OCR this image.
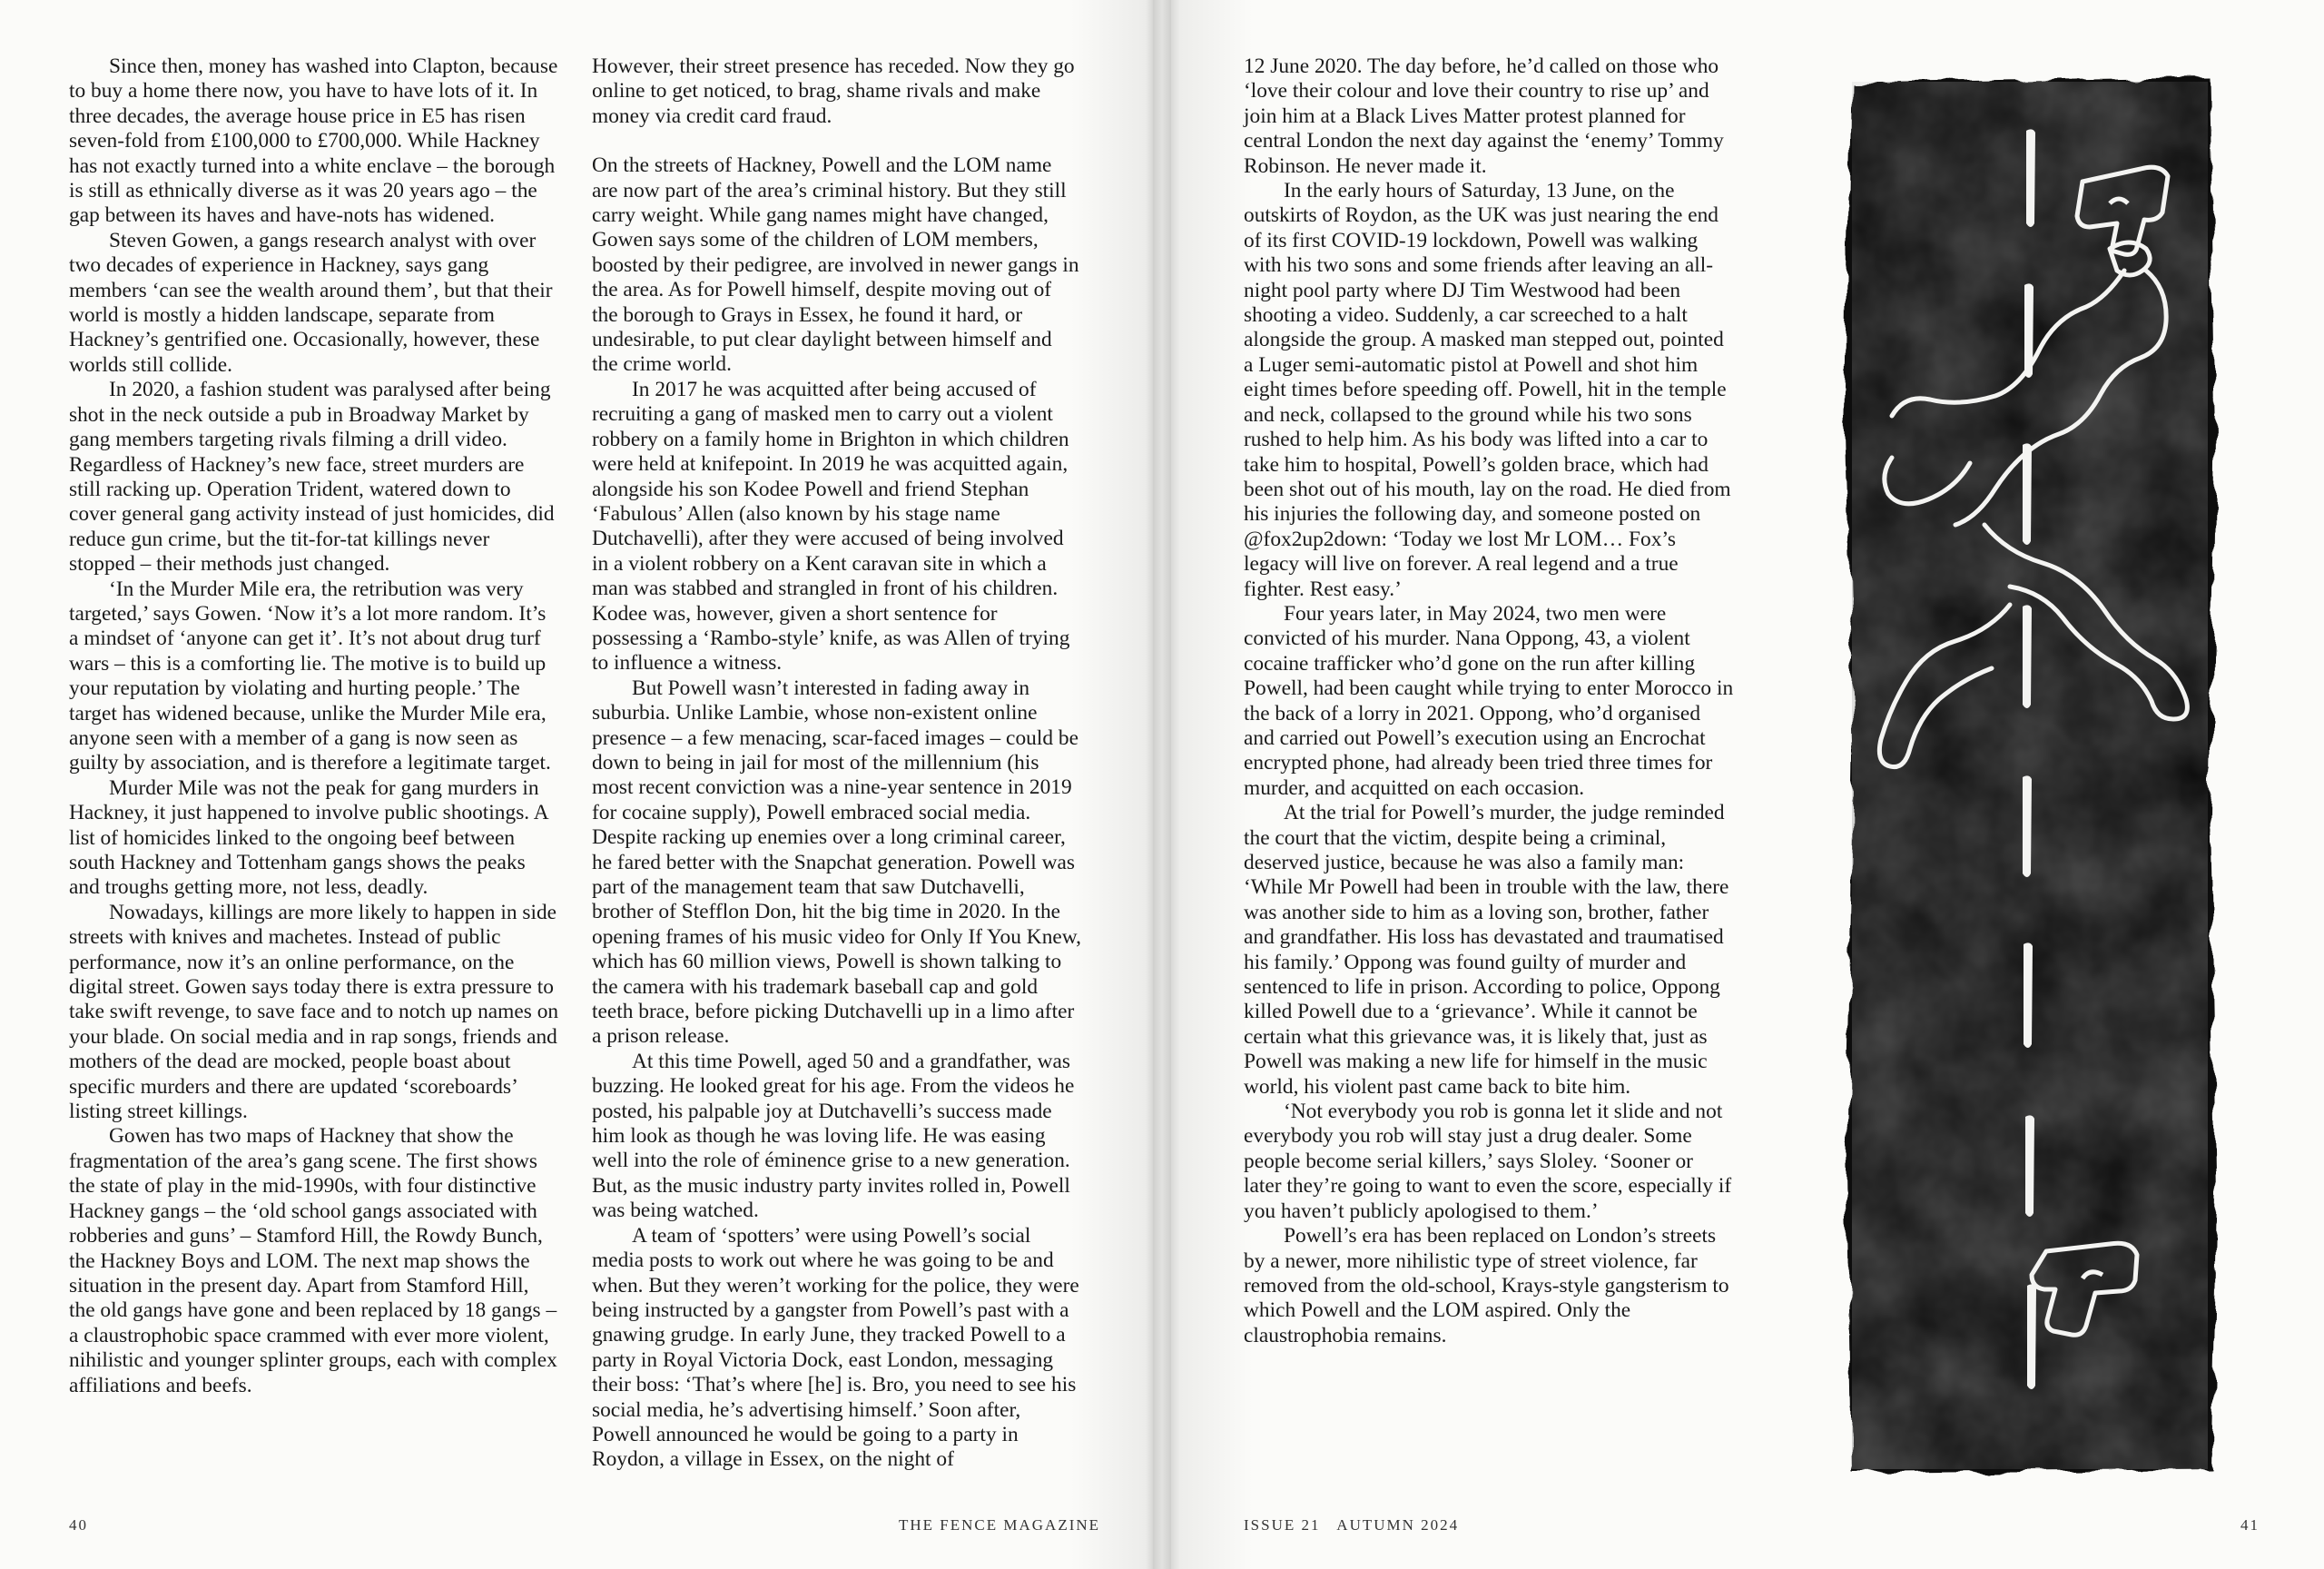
Since then, money has washed into Clapton, because to buy a home there now, you have to have lots of it. In three decades, the average house price in E5 has risen seven-fold from £100,000 to £700,000. While Hackney has not exactly turned into a white enclave – the borough is still as ethnically diverse as it was 20 years ago – the gap between its haves and have-nots has widened.

Steven Gowen, a gangs research analyst with over two decades of experience in Hackney, says gang members ‘can see the wealth around them’, but that their world is mostly a hidden landscape, separate from Hackney’s gentrified one. Occasionally, however, these worlds still collide.

In 2020, a fashion student was paralysed after being shot in the neck outside a pub in Broadway Market by gang members targeting rivals filming a drill video. Regardless of Hackney’s new face, street murders are still racking up. Operation Trident, watered down to cover general gang activity instead of just homicides, did reduce gun crime, but the tit-for-tat killings never stopped – their methods just changed.

‘In the Murder Mile era, the retribution was very targeted,’ says Gowen. ‘Now it’s a lot more random. It’s a mindset of ‘anyone can get it’. It’s not about drug turf wars – this is a comforting lie. The motive is to build up your reputation by violating and hurting people.’ The target has widened because, unlike the Murder Mile era, anyone seen with a member of a gang is now seen as guilty by association, and is therefore a legitimate target.

Murder Mile was not the peak for gang murders in Hackney, it just happened to involve public shootings. A list of homicides linked to the ongoing beef between south Hackney and Tottenham gangs shows the peaks and troughs getting more, not less, deadly.

Nowadays, killings are more likely to happen in side streets with knives and machetes. Instead of public performance, now it’s an online performance, on the digital street. Gowen says today there is extra pressure to take swift revenge, to save face and to notch up names on your blade. On social media and in rap songs, friends and mothers of the dead are mocked, people boast about specific murders and there are updated ‘scoreboards’ listing street killings.

Gowen has two maps of Hackney that show the fragmentation of the area’s gang scene. The first shows the state of play in the mid-1990s, with four distinctive Hackney gangs – the ‘old school gangs associated with robberies and guns’ – Stamford Hill, the Rowdy Bunch, the Hackney Boys and LOM. The next map shows the situation in the present day. Apart from Stamford Hill, the old gangs have gone and been replaced by 18 gangs – a claustrophobic space crammed with ever more violent, nihilistic and younger splinter groups, each with complex affiliations and beefs.

However, their street presence has receded. Now they go online to get noticed, to brag, shame rivals and make money via credit card fraud.

On the streets of Hackney, Powell and the LOM name are now part of the area’s criminal history. But they still carry weight. While gang names might have changed, Gowen says some of the children of LOM members, boosted by their pedigree, are involved in newer gangs in the area. As for Powell himself, despite moving out of the borough to Grays in Essex, he found it hard, or undesirable, to put clear daylight between himself and the crime world.

In 2017 he was acquitted after being accused of recruiting a gang of masked men to carry out a violent robbery on a family home in Brighton in which children were held at knifepoint. In 2019 he was acquitted again, alongside his son Kodee Powell and friend Stephan ‘Fabulous’ Allen (also known by his stage name Dutchavelli), after they were accused of being involved in a violent robbery on a Kent caravan site in which a man was stabbed and strangled in front of his children. Kodee was, however, given a short sentence for possessing a ‘Rambo-style’ knife, as was Allen of trying to influence a witness.

But Powell wasn’t interested in fading away in suburbia. Unlike Lambie, whose non-existent online presence – a few menacing, scar-faced images – could be down to being in jail for most of the millennium (his most recent conviction was a nine-year sentence in 2019 for cocaine supply), Powell embraced social media. Despite racking up enemies over a long criminal career, he fared better with the Snapchat generation. Powell was part of the management team that saw Dutchavelli, brother of Stefflon Don, hit the big time in 2020. In the opening frames of his music video for Only If You Knew, which has 60 million views, Powell is shown talking to the camera with his trademark baseball cap and gold teeth brace, before picking Dutchavelli up in a limo after a prison release.

At this time Powell, aged 50 and a grandfather, was buzzing. He looked great for his age. From the videos he posted, his palpable joy at Dutchavelli’s success made him look as though he was loving life. He was easing well into the role of éminence grise to a new generation. But, as the music industry party invites rolled in, Powell was being watched.

A team of ‘spotters’ were using Powell’s social media posts to work out where he was going to be and when. But they weren’t working for the police, they were being instructed by a gangster from Powell’s past with a gnawing grudge. In early June, they tracked Powell to a party in Royal Victoria Dock, east London, messaging their boss: ‘That’s where [he] is. Bro, you need to see his social media, he’s advertising himself.’ Soon after, Powell announced he would be going to a party in Roydon, a village in Essex, on the night of

12 June 2020. The day before, he’d called on those who ‘love their colour and love their country to rise up’ and join him at a Black Lives Matter protest planned for central London the next day against the ‘enemy’ Tommy Robinson. He never made it.

In the early hours of Saturday, 13 June, on the outskirts of Roydon, as the UK was just nearing the end of its first COVID-19 lockdown, Powell was walking with his two sons and some friends after leaving an all-night pool party where DJ Tim Westwood had been shooting a video. Suddenly, a car screeched to a halt alongside the group. A masked man stepped out, pointed a Luger semi-automatic pistol at Powell and shot him eight times before speeding off. Powell, hit in the temple and neck, collapsed to the ground while his two sons rushed to help him. As his body was lifted into a car to take him to hospital, Powell’s golden brace, which had been shot out of his mouth, lay on the road. He died from his injuries the following day, and someone posted on @fox2up2down: ‘Today we lost Mr LOM… Fox’s legacy will live on forever. A real legend and a true fighter. Rest easy.’

Four years later, in May 2024, two men were convicted of his murder. Nana Oppong, 43, a violent cocaine trafficker who’d gone on the run after killing Powell, had been caught while trying to enter Morocco in the back of a lorry in 2021. Oppong, who’d organised and carried out Powell’s execution using an Encrochat encrypted phone, had already been tried three times for murder, and acquitted on each occasion.

At the trial for Powell’s murder, the judge reminded the court that the victim, despite being a criminal, deserved justice, because he was also a family man: ‘While Mr Powell had been in trouble with the law, there was another side to him as a loving son, brother, father and grandfather. His loss has devastated and traumatised his family.’ Oppong was found guilty of murder and sentenced to life in prison. According to police, Oppong killed Powell due to a ‘grievance’. While it cannot be certain what this grievance was, it is likely that, just as Powell was making a new life for himself in the music world, his violent past came back to bite him.

‘Not everybody you rob is gonna let it slide and not everybody you rob will stay just a drug dealer. Some people become serial killers,’ says Sloley. ‘Sooner or later they’re going to want to even the score, especially if you haven’t publicly apologised to them.’

Powell’s era has been replaced on London’s streets by a newer, more nihilistic type of street violence, far removed from the old-school, Krays-style gangsterism to which Powell and the LOM aspired. Only the claustrophobia remains.

40	THE FENCE MAGAZINE	ISSUE 21   AUTUMN 2024	41
